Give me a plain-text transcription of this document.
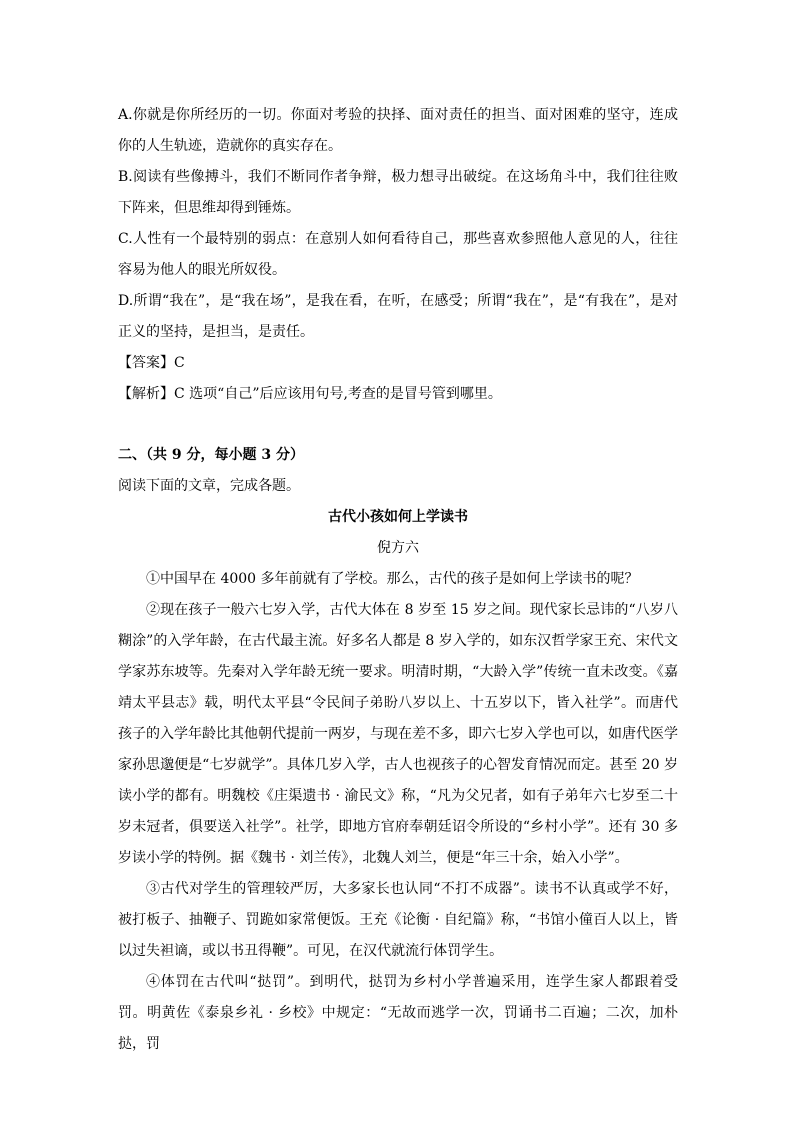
A.你就是你所经历的一切。你面对考验的抉择、面对责任的担当、面对困难的坚守，连成你的人生轨迹，造就你的真实存在。

B.阅读有些像搏斗，我们不断同作者争辩，极力想寻出破绽。在这场角斗中，我们往往败下阵来，但思维却得到锤炼。

C.人性有一个最特别的弱点：在意别人如何看待自己，那些喜欢参照他人意见的人，往往容易为他人的眼光所奴役。

D.所谓“我在”，是“我在场”，是我在看，在听，在感受；所谓“我在”，是“有我在”，是对正义的坚持，是担当，是责任。

【答案】C

【解析】C 选项“自己”后应该用句号,考查的是冒号管到哪里。

二、（共 9 分，每小题 3 分）

阅读下面的文章，完成各题。

古代小孩如何上学读书

倪方六

①中国早在 4000 多年前就有了学校。那么，古代的孩子是如何上学读书的呢？

②现在孩子一般六七岁入学，古代大体在 8 岁至 15 岁之间。现代家长忌讳的“八岁八糊涂”的入学年龄，在古代最主流。好多名人都是 8 岁入学的，如东汉哲学家王充、宋代文学家苏东坡等。先秦对入学年龄无统一要求。明清时期，“大龄入学”传统一直未改变。《嘉靖太平县志》载，明代太平县“令民间子弟盼八岁以上、十五岁以下，皆入社学”。而唐代孩子的入学年龄比其他朝代提前一两岁，与现在差不多，即六七岁入学也可以，如唐代医学家孙思邈便是“七岁就学”。具体几岁入学，古人也视孩子的心智发育情况而定。甚至 20 岁读小学的都有。明魏校《庄渠遗书 · 渝民文》称，“凡为父兄者，如有子弟年六七岁至二十岁未冠者，俱要送入社学”。社学，即地方官府奉朝廷诏令所设的“乡村小学”。还有 30 多岁读小学的特例。据《魏书 · 刘兰传》，北魏人刘兰，便是“年三十余，始入小学”。

③古代对学生的管理较严厉，大多家长也认同“不打不成器”。读书不认真或学不好，被打板子、抽鞭子、罚跪如家常便饭。王充《论衡 · 自纪篇》称，“书馆小僮百人以上，皆以过失袒谪，或以书丑得鞭”。可见，在汉代就流行体罚学生。

④体罚在古代叫“挞罚”。到明代，挞罚为乡村小学普遍采用，连学生家人都跟着受罚。明黄佐《泰泉乡礼 · 乡校》中规定：“无故而逃学一次，罚诵书二百遍；二次，加朴挞，罚
